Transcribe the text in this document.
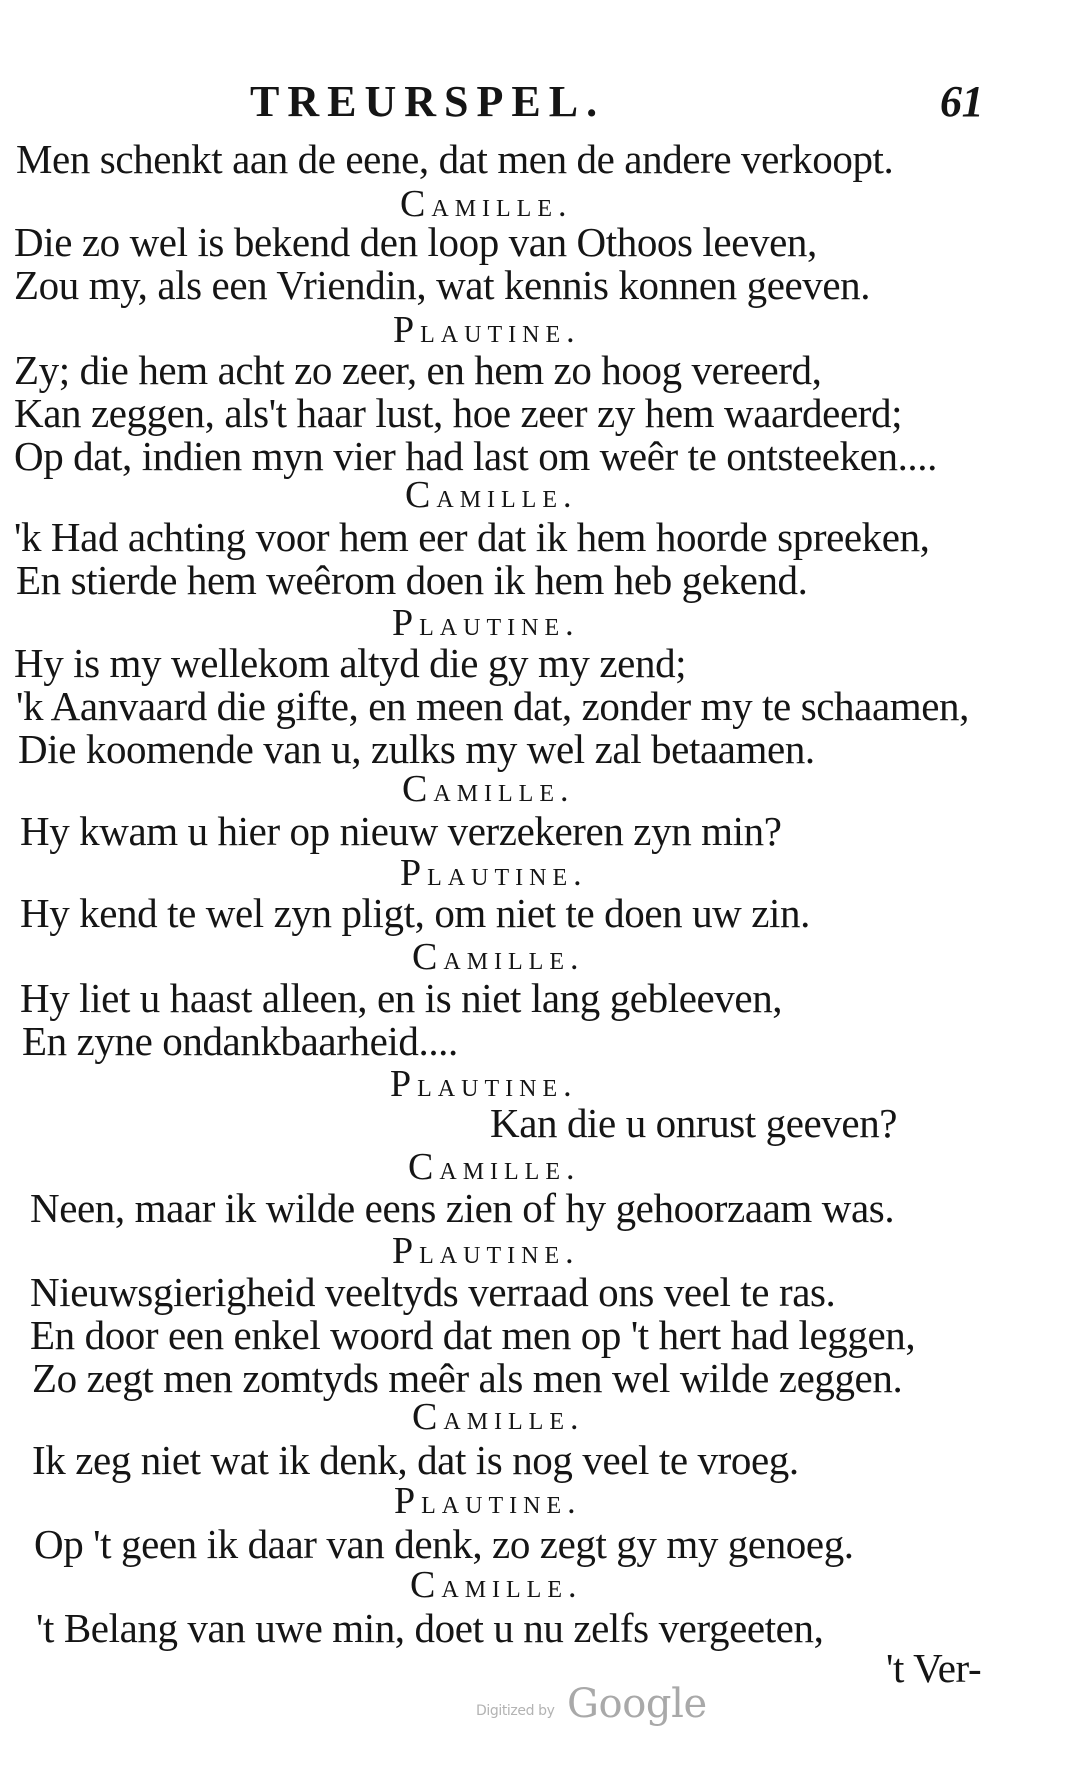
TREURSPEL.	61
Men schenkt aan de eene, dat men de andere verkoopt.
Camille.
Die zo wel is bekend den loop van Othoos leeven,
Zou my, als een Vriendin, wat kennis konnen geeven.
Plautine.
Zy; die hem acht zo zeer, en hem zo hoog vereerd,
Kan zeggen, als't haar lust, hoe zeer zy hem waardeerd;
Op dat, indien myn vier had last om weêr te ontsteeken....
Camille.
'k Had achting voor hem eer dat ik hem hoorde spreeken,
En stierde hem weêrom doen ik hem heb gekend.
Plautine.
Hy is my wellekom altyd die gy my zend;
'k Aanvaard die gifte, en meen dat, zonder my te schaamen,
Die koomende van u, zulks my wel zal betaamen.
Camille.
Hy kwam u hier op nieuw verzekeren zyn min?
Plautine.
Hy kend te wel zyn pligt, om niet te doen uw zin.
Camille.
Hy liet u haast alleen, en is niet lang gebleeven,
En zyne ondankbaarheid....
Plautine.
Kan die u onrust geeven?
Camille.
Neen, maar ik wilde eens zien of hy gehoorzaam was.
Plautine.
Nieuwsgierigheid veeltyds verraad ons veel te ras.
En door een enkel woord dat men op 't hert had leggen,
Zo zegt men zomtyds meêr als men wel wilde zeggen.
Camille.
Ik zeg niet wat ik denk, dat is nog veel te vroeg.
Plautine.
Op 't geen ik daar van denk, zo zegt gy my genoeg.
Camille.
't Belang van uwe min, doet u nu zelfs vergeeten,
't Ver-
Digitized by Google
